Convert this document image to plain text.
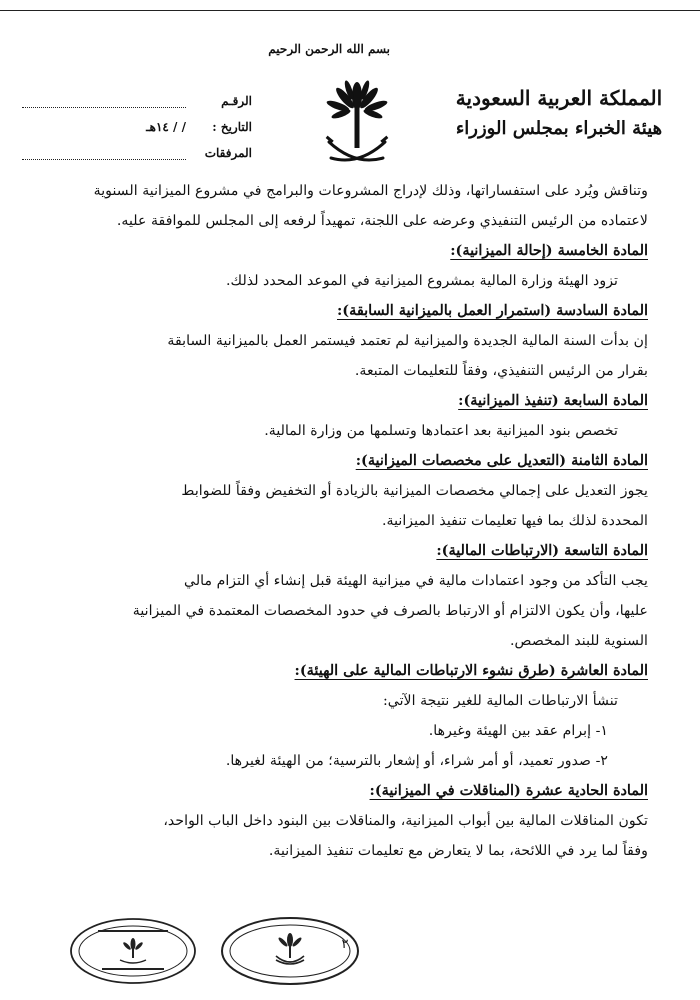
بسم الله الرحمن الرحيم
المملكة العربية السعودية
هيئة الخبراء بمجلس الوزراء
الرقـم
التاريخ :
/ / ١٤هـ
المرفقات

وتناقش ويُرد على استفساراتها، وذلك لإدراج المشروعات والبرامج في مشروع الميزانية السنوية

لاعتماده من الرئيس التنفيذي وعرضه على اللجنة، تمهيداً لرفعه إلى المجلس للموافقة عليه.

المادة الخامسة (إحالة الميزانية):

تزود الهيئة وزارة المالية بمشروع الميزانية في الموعد المحدد لذلك.

المادة السادسة (استمرار العمل بالميزانية السابقة):

إن بدأت السنة المالية الجديدة والميزانية لم تعتمد فيستمر العمل بالميزانية السابقة

بقرار من الرئيس التنفيذي، وفقاً للتعليمات المتبعة.

المادة السابعة (تنفيذ الميزانية):

تخصص بنود الميزانية بعد اعتمادها وتسلمها من وزارة المالية.

المادة الثامنة (التعديل على مخصصات الميزانية):

يجوز التعديل على إجمالي مخصصات الميزانية بالزيادة أو التخفيض وفقاً للضوابط

المحددة لذلك بما فيها تعليمات تنفيذ الميزانية.

المادة التاسعة (الارتباطات المالية):

يجب التأكد من وجود اعتمادات مالية في ميزانية الهيئة قبل إنشاء أي التزام مالي

عليها، وأن يكون الالتزام أو الارتباط بالصرف في حدود المخصصات المعتمدة في الميزانية

السنوية للبند المخصص.

المادة العاشرة (طرق نشوء الارتباطات المالية على الهيئة):

تنشأ الارتباطات المالية للغير نتيجة الآتي:

١- إبرام عقد بين الهيئة وغيرها.

٢- صدور تعميد، أو أمر شراء، أو إشعار بالترسية؛ من الهيئة لغيرها.

المادة الحادية عشرة (المناقلات في الميزانية):

تكون المناقلات المالية بين أبواب الميزانية، والمناقلات بين البنود داخل الباب الواحد،

وفقاً لما يرد في اللائحة، بما لا يتعارض مع تعليمات تنفيذ الميزانية.

٢
